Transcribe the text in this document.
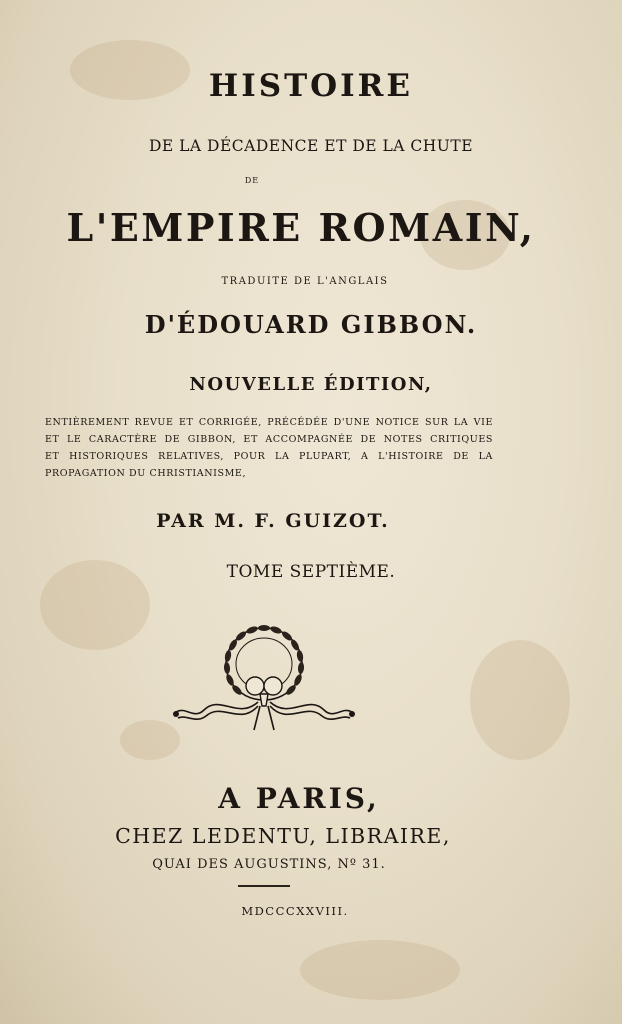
HISTOIRE

DE LA DÉCADENCE ET DE LA CHUTE

DE

L'EMPIRE ROMAIN,

TRADUITE DE L'ANGLAIS

D'ÉDOUARD GIBBON.

NOUVELLE ÉDITION,

ENTIÈREMENT REVUE ET CORRIGÉE, PRÉCÉDÉE D'UNE NOTICE SUR LA VIE
ET LE CARACTÈRE DE GIBBON, ET ACCOMPAGNÉE DE NOTES CRITIQUES
ET HISTORIQUES RELATIVES, POUR LA PLUPART, A L'HISTOIRE DE LA
PROPAGATION DU CHRISTIANISME,

PAR M. F. GUIZOT.

TOME SEPTIÈME.

A PARIS,

CHEZ LEDENTU, LIBRAIRE,

QUAI DES AUGUSTINS, Nº 31.

MDCCCXXVIII.
